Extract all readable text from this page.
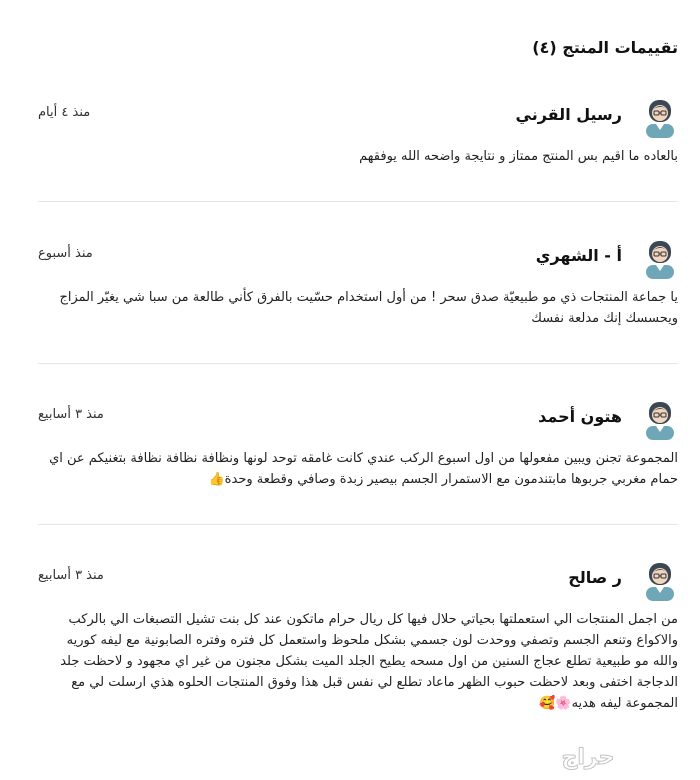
تقييمات المنتج (٤)
رسيل القرني
منذ ٤ أيام
بالعاده ما اقيم بس المنتج ممتاز و نتايجة واضحه الله يوفقهم
أ - الشهري
منذ أسبوع
يا جماعة المنتجات ذي مو طبيعيّة صدق سحر ! من أول استخدام حسّيت بالفرق كأني طالعة من سبا شي يغيّر المزاج ويحسسك إنك مدلعة نفسك
هتون أحمد
منذ ٣ أسابيع
المجموعة تجنن ويبين مفعولها من اول اسبوع الركب عندي كانت غامقه توحد لونها ونظافة نظافة نظافة بتغنيكم عن اي حمام مغربي جربوها مابتندمون مع الاستمرار الجسم بيصير زبدة وصافي وقطعة وحدة👍
ر صالح
منذ ٣ أسابيع
من اجمل المنتجات الي استعملتها بحياتي حلال فيها كل ريال حرام ماتكون عند كل بنت تشيل التصبغات الي بالركب والاكواع وتنعم الجسم وتصفي ووحدت لون جسمي بشكل ملحوظ واستعمل كل فتره وفتره الصابونية مع ليفه كوريه والله مو طبيعية تطلع عجاج السنين من اول مسحه يطيح الجلد الميت بشكل مجنون من غير اي مجهود و لاحظت جلد الدجاجة اختفى وبعد لاحظت حبوب الظهر ماعاد تطلع لي نفس قبل هذا وفوق المنتجات الحلوه هذي ارسلت لي مع المجموعة ليفه هديه🌸🥰
حراج
